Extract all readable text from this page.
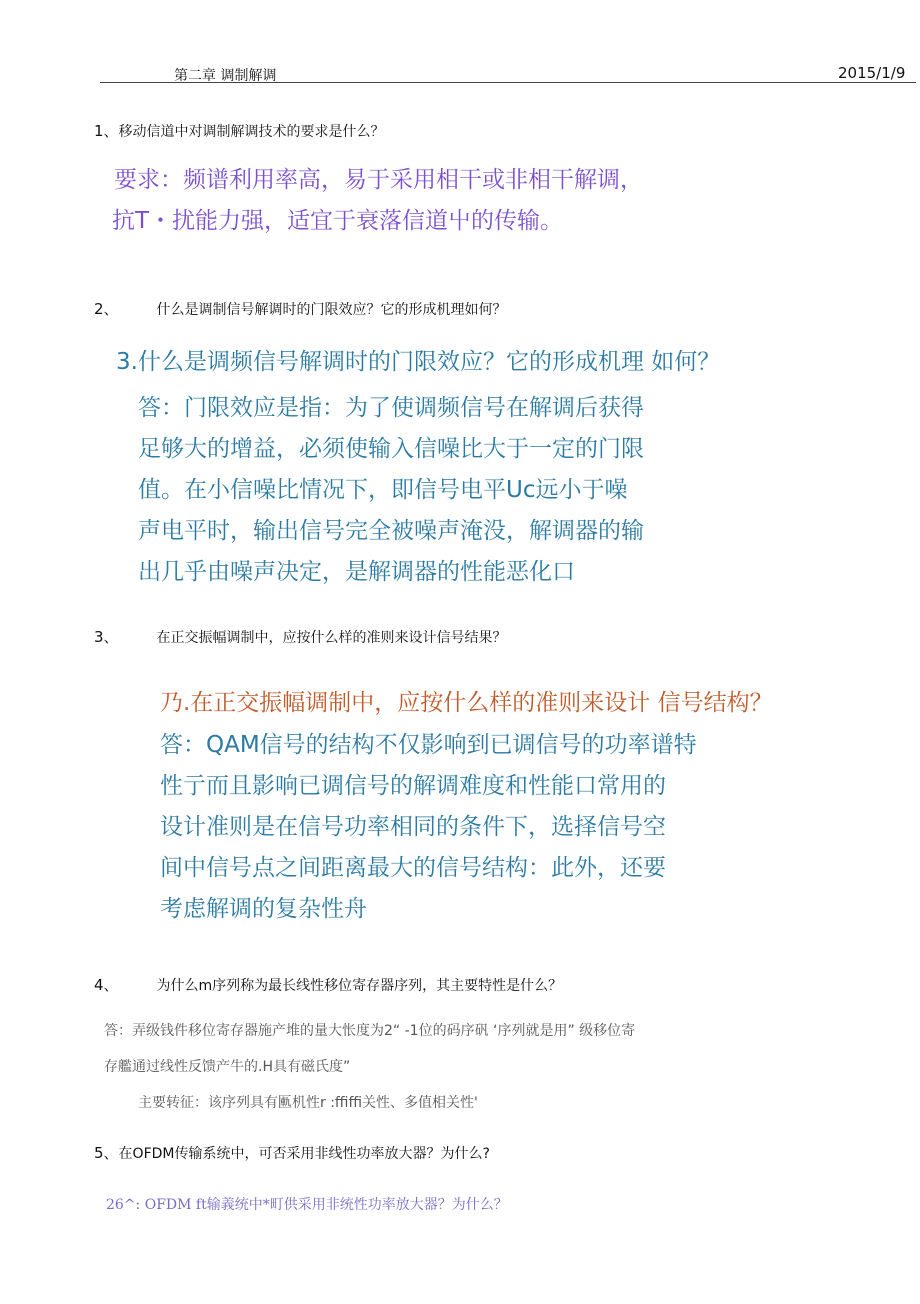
第二章 调制解调	2015/1/9
1、移动信道中对调制解调技术的要求是什么？
要求：频谱利用率高，易于采用相干或非相干解调，
抗T・扰能力强，适宜于衰落信道屮的传输。
2、	什么是调制信号解调时的门限效应？它的形成机理如何？
3.什么是调频信号解调时的门限效应？它的形成机理 如何？
答：门限效应是指：为了使调频信号在解调后获得
足够大的增益，必须使输入信噪比大于一定的门限
值。在小信噪比情况下，即信号电平Uc远小于噪
声电平时，输出信号完全被噪声淹没，解调器的输
出几乎由噪声决定，是解调器的性能恶化口
3、	在正交振幅调制中，应按什么样的准则来设计信号结果？
乃.在正交振幅调制中，应按什么样的准则来设计 信号结构？
答：QAM信号的结构不仅影响到已调信号的功率谱特
性亍而且影响已调信号的解调难度和性能口常用的
设计准则是在信号功率相同的条件下，选择信号空
间中信号点之间距离最大的信号结构：此外，还要
考虑解调的复杂性舟
4、	为什么m序列称为最长线性移位寄存器序列，其主要特性是什么？
答：弄级钱件移位寄存器施产堆的量大怅度为2“ -1位的码序矾 ‘序列就是用” 级移位寄
存艦通过线性反馈产牛的.H具有磁氏度”
主要转征：该序列具有匭机性r :ffiffi关性、多值相关性'
5、在OFDM传输系统中，可否采用非线性功率放大器？为什么?
26^: OFDM ft输義统中*町供采用非统性功率放大器？为什么？
